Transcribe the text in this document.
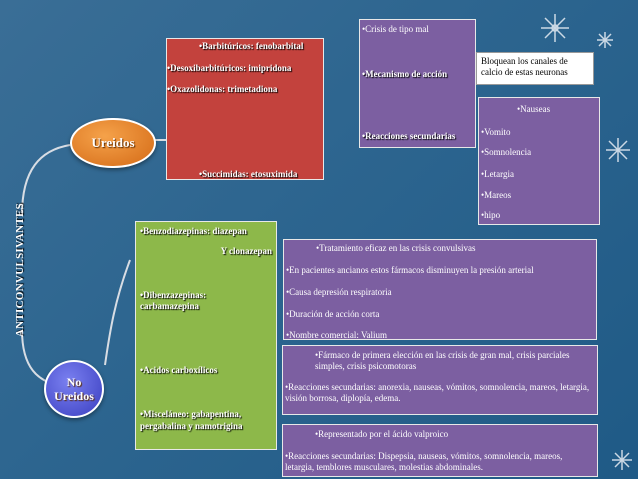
ANTICONVULSIVANTES
Ureidos
No
Ureidos
•Barbitúricos: fenobarbital
•Desoxibarbitúricos: imipridona
•Oxazolidonas: trimetadiona
•Succimidas: etosuximida
•Crisis de tipo mal
•Mecanismo de acción
•Reacciones secundarias
Bloquean los canales de calcio de estas neuronas
•Nauseas
•Vomito
•Somnolencia
•Letargia
•Mareos
•hipo
•Benzodiazepinas: diazepan
Y clonazepan
•Dibenzazepinas: carbamazepina
•Acidos carboxílicos
•Misceláneo: gabapentina, pergabalina y namotrigina
•Tratamiento eficaz en las crisis convulsivas
•En pacientes ancianos estos fármacos disminuyen la presión arterial
•Causa depresión respiratoria
•Duración de acción corta
•Nombre comercial: Valium
•Fármaco de primera elección en las crisis de gran mal, crisis parciales simples, crisis psicomotoras
•Reacciones secundarias: anorexia, nauseas, vómitos, somnolencia, mareos, letargia, visión borrosa, diplopía, edema.
•Representado por el ácido valproico
•Reacciones secundarias: Dispepsia, nauseas, vómitos, somnolencia, mareos, letargia, temblores musculares, molestias abdominales.
